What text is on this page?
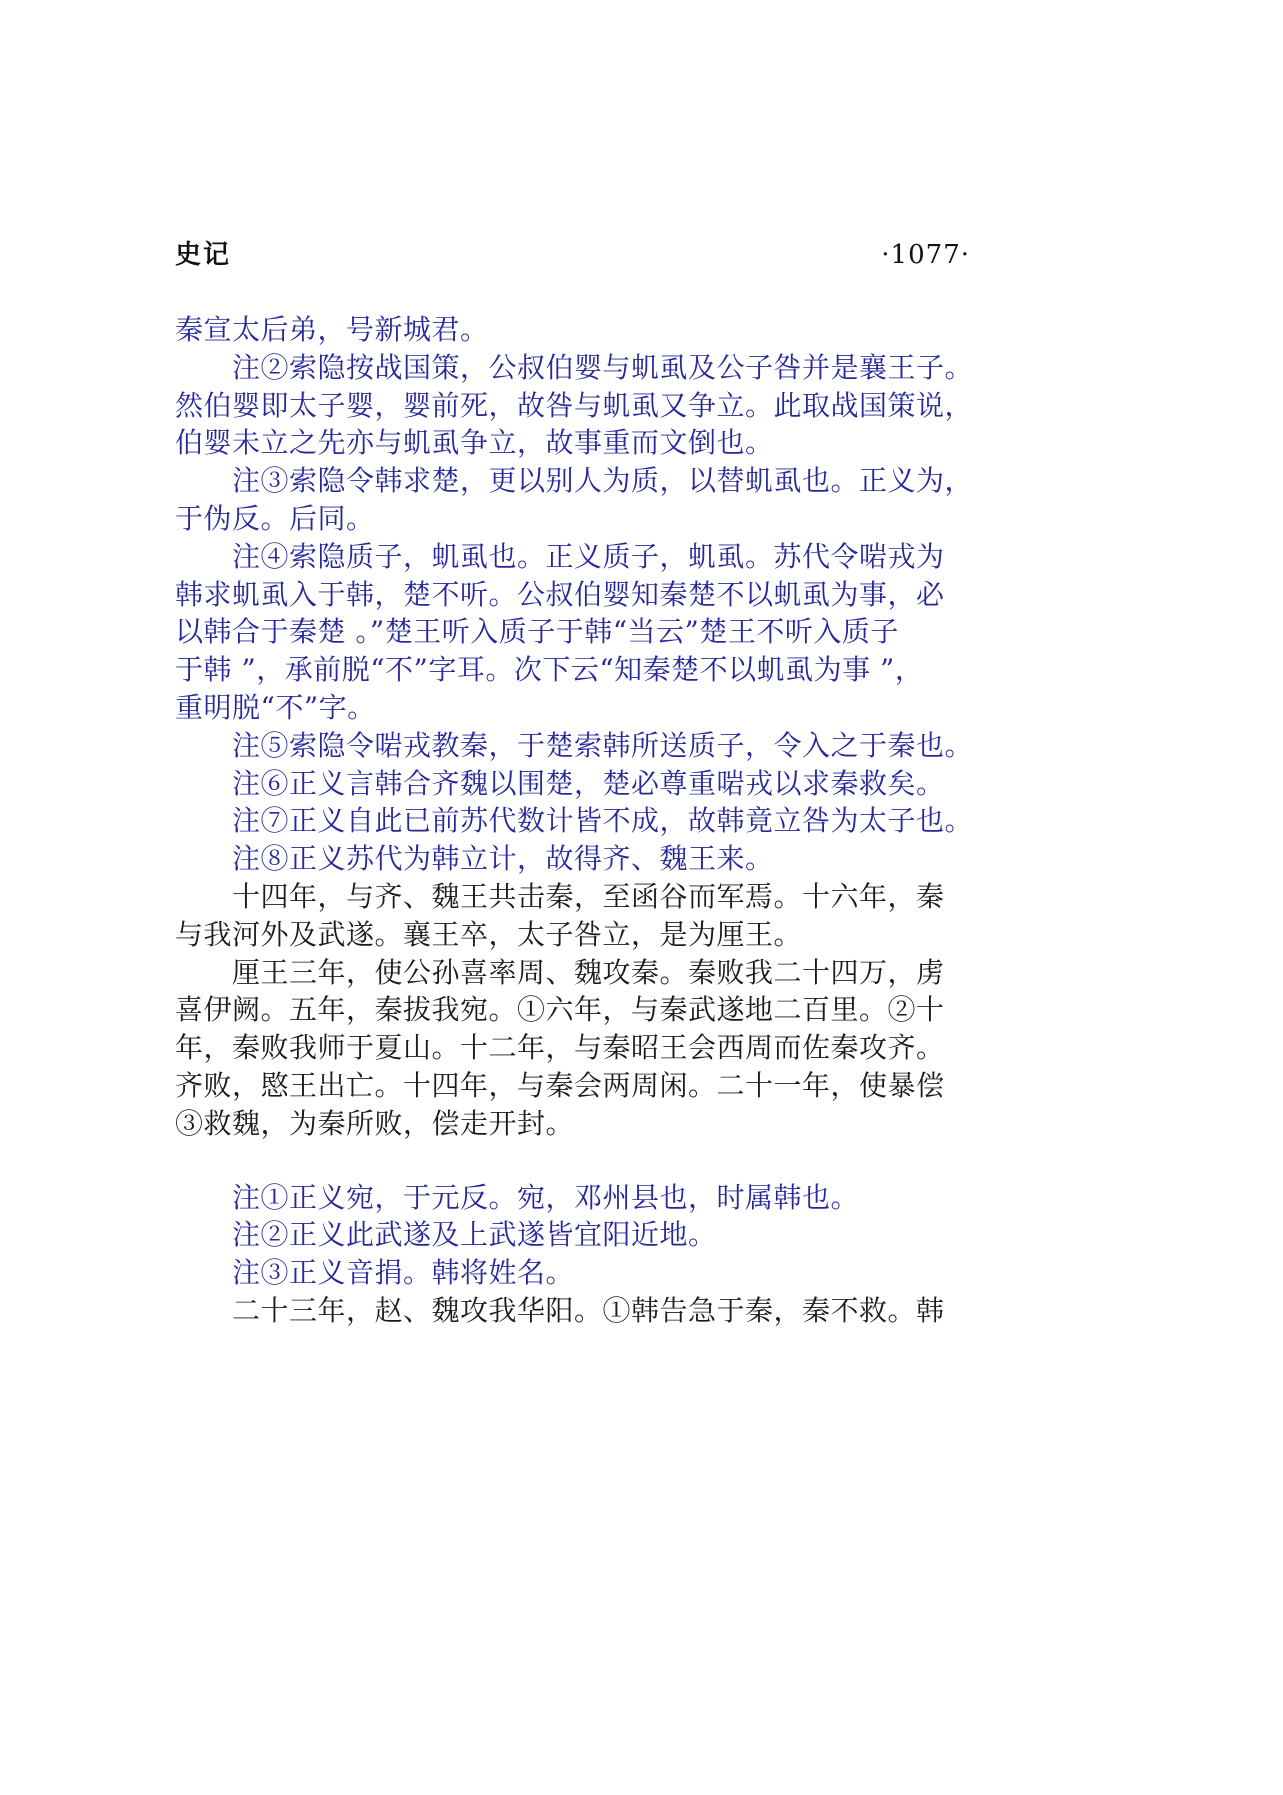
史记	·1077·
秦宣太后弟，号新城君。
注②索隐按战国策，公叔伯婴与虮虱及公子咎并是襄王子。
然伯婴即太子婴，婴前死，故咎与虮虱又争立。此取战国策说，
伯婴未立之先亦与虮虱争立，故事重而文倒也。
注③索隐令韩求楚，更以别人为质，以替虮虱也。正义为，
于伪反。后同。
注④索隐质子，虮虱也。正义质子，虮虱。苏代令啱戎为
韩求虮虱入于韩，楚不听。公叔伯婴知秦楚不以虮虱为事，必
以韩合于秦楚 。”楚王听入质子于韩“当云”楚王不听入质子
于韩 ”，承前脱“不”字耳。次下云“知秦楚不以虮虱为事 ”，
重明脱“不”字。
注⑤索隐令啱戎教秦，于楚索韩所送质子，令入之于秦也。
注⑥正义言韩合齐魏以围楚，楚必尊重啱戎以求秦救矣。
注⑦正义自此已前苏代数计皆不成，故韩竟立咎为太子也。
注⑧正义苏代为韩立计，故得齐、魏王来。
十四年，与齐、魏王共击秦，至函谷而军焉。十六年，秦
与我河外及武遂。襄王卒，太子咎立，是为厘王。
厘王三年，使公孙喜率周、魏攻秦。秦败我二十四万，虏
喜伊阙。五年，秦拔我宛。①六年，与秦武遂地二百里。②十
年，秦败我师于夏山。十二年，与秦昭王会西周而佐秦攻齐。
齐败，愍王出亡。十四年，与秦会两周闲。二十一年，使暴偿
③救魏，为秦所败，偿走开封。
注①正义宛，于元反。宛，邓州县也，时属韩也。
注②正义此武遂及上武遂皆宜阳近地。
注③正义音捐。韩将姓名。
二十三年，赵、魏攻我华阳。①韩告急于秦，秦不救。韩
